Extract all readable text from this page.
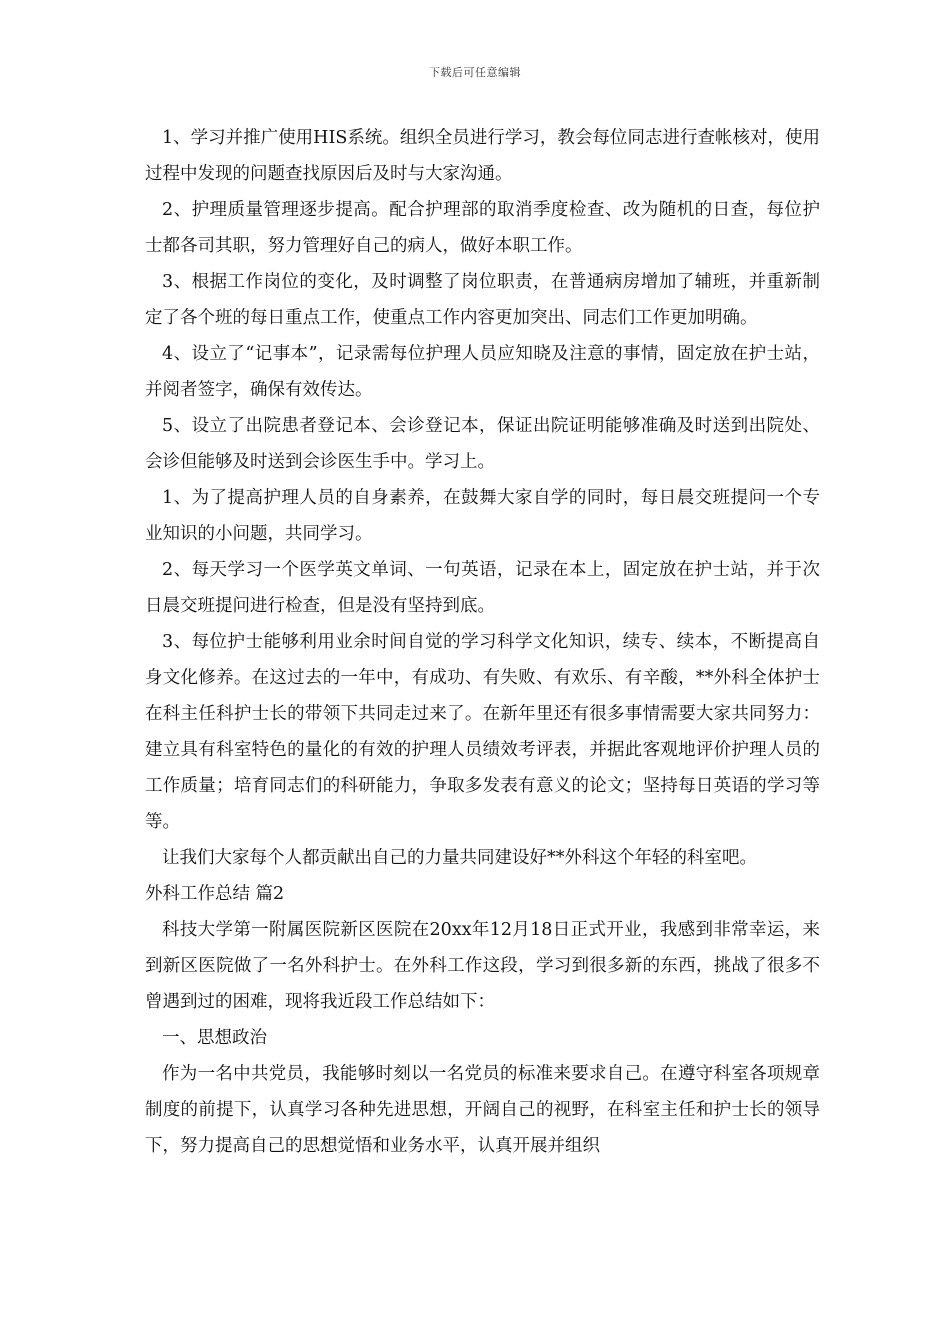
下载后可任意编辑

1、学习并推广使用HIS系统。组织全员进行学习，教会每位同志进行查帐核对，使用过程中发现的问题查找原因后及时与大家沟通。

2、护理质量管理逐步提高。配合护理部的取消季度检查、改为随机的日查，每位护士都各司其职，努力管理好自己的病人，做好本职工作。

3、根据工作岗位的变化，及时调整了岗位职责，在普通病房增加了辅班，并重新制定了各个班的每日重点工作，使重点工作内容更加突出、同志们工作更加明确。

4、设立了“记事本”，记录需每位护理人员应知晓及注意的事情，固定放在护士站，并阅者签字，确保有效传达。

5、设立了出院患者登记本、会诊登记本，保证出院证明能够准确及时送到出院处、会诊但能够及时送到会诊医生手中。学习上。

1、为了提高护理人员的自身素养，在鼓舞大家自学的同时，每日晨交班提问一个专业知识的小问题，共同学习。

2、每天学习一个医学英文单词、一句英语，记录在本上，固定放在护士站，并于次日晨交班提问进行检查，但是没有坚持到底。

3、每位护士能够利用业余时间自觉的学习科学文化知识，续专、续本，不断提高自身文化修养。在这过去的一年中，有成功、有失败、有欢乐、有辛酸，**外科全体护士在科主任科护士长的带领下共同走过来了。在新年里还有很多事情需要大家共同努力：建立具有科室特色的量化的有效的护理人员绩效考评表，并据此客观地评价护理人员的工作质量；培育同志们的科研能力，争取多发表有意义的论文；坚持每日英语的学习等等。

让我们大家每个人都贡献出自己的力量共同建设好**外科这个年轻的科室吧。

外科工作总结 篇2

科技大学第一附属医院新区医院在20xx年12月18日正式开业，我感到非常幸运，来到新区医院做了一名外科护士。在外科工作这段，学习到很多新的东西，挑战了很多不曾遇到过的困难，现将我近段工作总结如下：

一、思想政治

作为一名中共党员，我能够时刻以一名党员的标准来要求自己。在遵守科室各项规章制度的前提下，认真学习各种先进思想，开阔自己的视野，在科室主任和护士长的领导下，努力提高自己的思想觉悟和业务水平，认真开展并组织
